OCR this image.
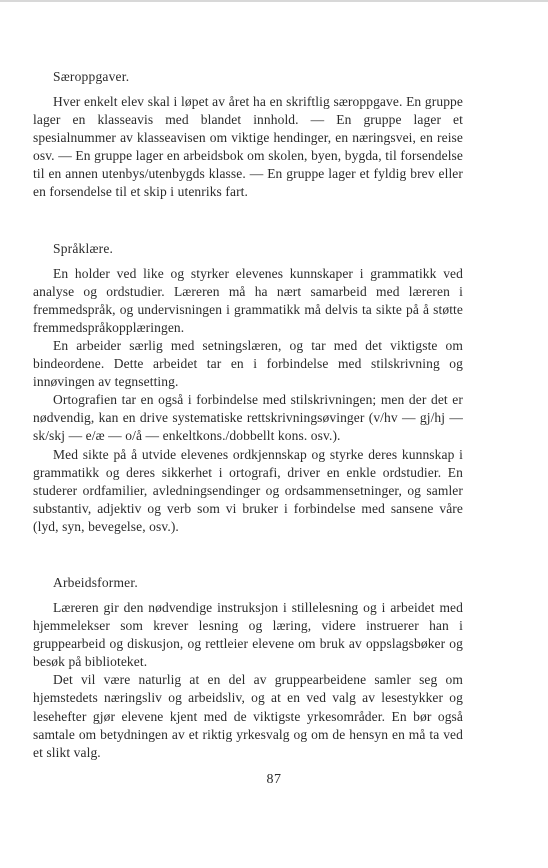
Særoppgaver.

Hver enkelt elev skal i løpet av året ha en skriftlig særoppgave. En gruppe lager en klasseavis med blandet innhold. — En gruppe lager et spesialnummer av klasseavisen om viktige hendinger, en næringsvei, en reise osv. — En gruppe lager en arbeidsbok om skolen, byen, bygda, til forsendelse til en annen utenbys/utenbygds klasse. — En gruppe lager et fyldig brev eller en forsendelse til et skip i utenriks fart.

Språklære.

En holder ved like og styrker elevenes kunnskaper i grammatikk ved analyse og ordstudier. Læreren må ha nært samarbeid med læreren i fremmedspråk, og undervisningen i grammatikk må delvis ta sikte på å støtte fremmedspråkopplæringen.

En arbeider særlig med setningslæren, og tar med det viktigste om bindeordene. Dette arbeidet tar en i forbindelse med stilskrivning og innøvingen av tegnsetting.

Ortografien tar en også i forbindelse med stilskrivningen; men der det er nødvendig, kan en drive systematiske rettskrivningsøvinger (v/hv — gj/hj — sk/skj — e/æ — o/å — enkeltkons./dobbellt kons. osv.).

Med sikte på å utvide elevenes ordkjennskap og styrke deres kunnskap i grammatikk og deres sikkerhet i ortografi, driver en enkle ordstudier. En studerer ordfamilier, avledningsendinger og ordsammensetninger, og samler substantiv, adjektiv og verb som vi bruker i forbindelse med sansene våre (lyd, syn, bevegelse, osv.).

Arbeidsformer.

Læreren gir den nødvendige instruksjon i stillelesning og i arbeidet med hjemmelekser som krever lesning og læring, videre instruerer han i gruppearbeid og diskusjon, og rettleier elevene om bruk av oppslagsbøker og besøk på biblioteket.

Det vil være naturlig at en del av gruppearbeidene samler seg om hjemstedets næringsliv og arbeidsliv, og at en ved valg av lesestykker og lesehefter gjør elevene kjent med de viktigste yrkesområder. En bør også samtale om betydningen av et riktig yrkesvalg og om de hensyn en må ta ved et slikt valg.

87
